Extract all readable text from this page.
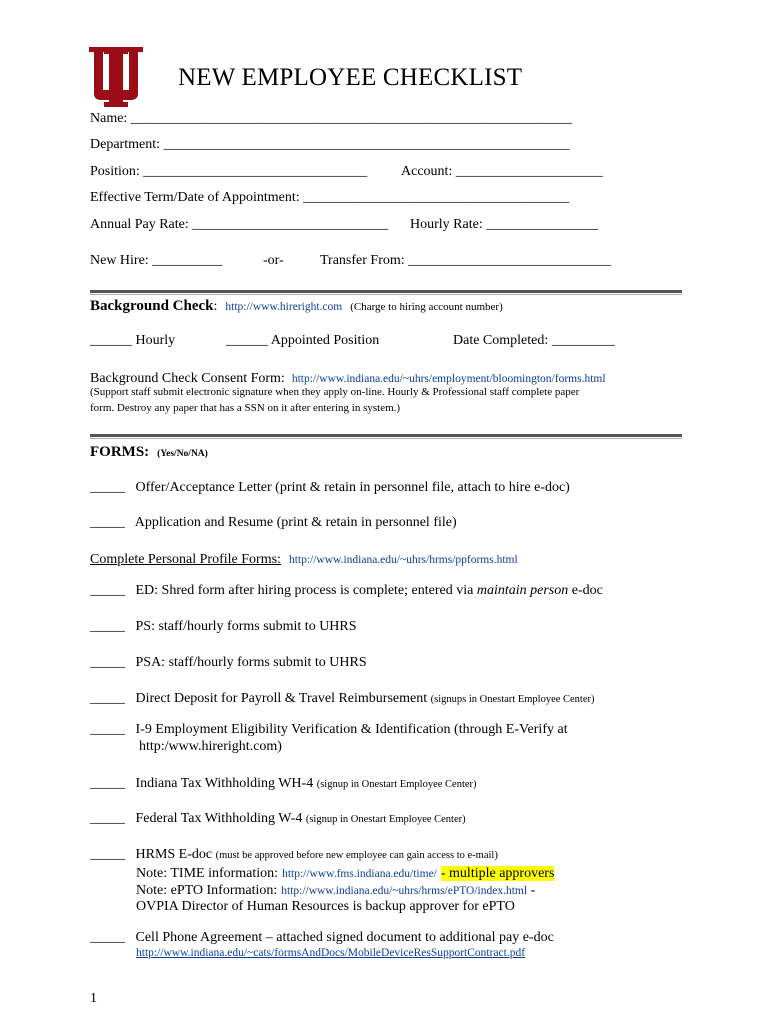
NEW EMPLOYEE CHECKLIST
Name: _______________________________________________________________
Department: __________________________________________________________
Position: ________________________________ Account: _____________________
Effective Term/Date of Appointment: ______________________________________
Annual Pay Rate: ____________________________ Hourly Rate: ________________
New Hire: __________	-or-	Transfer From: _____________________________
Background Check: http://www.hireright.com (Charge to hiring account number)
______ Hourly	______ Appointed Position	Date Completed: _________
Background Check Consent Form: http://www.indiana.edu/~uhrs/employment/bloomington/forms.html
(Support staff submit electronic signature when they apply on-line. Hourly & Professional staff complete paper
form. Destroy any paper that has a SSN on it after entering in system.)
FORMS: (Yes/No/NA)
_____   Offer/Acceptance Letter (print & retain in personnel file, attach to hire e-doc)
_____   Application and Resume (print & retain in personnel file)
Complete Personal Profile Forms: http://www.indiana.edu/~uhrs/hrms/ppforms.html
_____   ED: Shred form after hiring process is complete; entered via maintain person e-doc
_____   PS: staff/hourly forms submit to UHRS
_____   PSA: staff/hourly forms submit to UHRS
_____   Direct Deposit for Payroll & Travel Reimbursement (signups in Onestart Employee Center)
_____   I-9 Employment Eligibility Verification & Identification (through E-Verify at
http:/www.hireright.com)
_____   Indiana Tax Withholding WH-4 (signup in Onestart Employee Center)
_____   Federal Tax Withholding W-4 (signup in Onestart Employee Center)
_____   HRMS E-doc (must be approved before new employee can gain access to e-mail)
Note: TIME information: http://www.fms.indiana.edu/time/ - multiple approvers
Note: ePTO Information: http://www.indiana.edu/~uhrs/hrms/ePTO/index.html -
OVPIA Director of Human Resources is backup approver for ePTO
_____   Cell Phone Agreement – attached signed document to additional pay e-doc
http://www.indiana.edu/~cats/formsAndDocs/MobileDeviceResSupportContract.pdf
1
